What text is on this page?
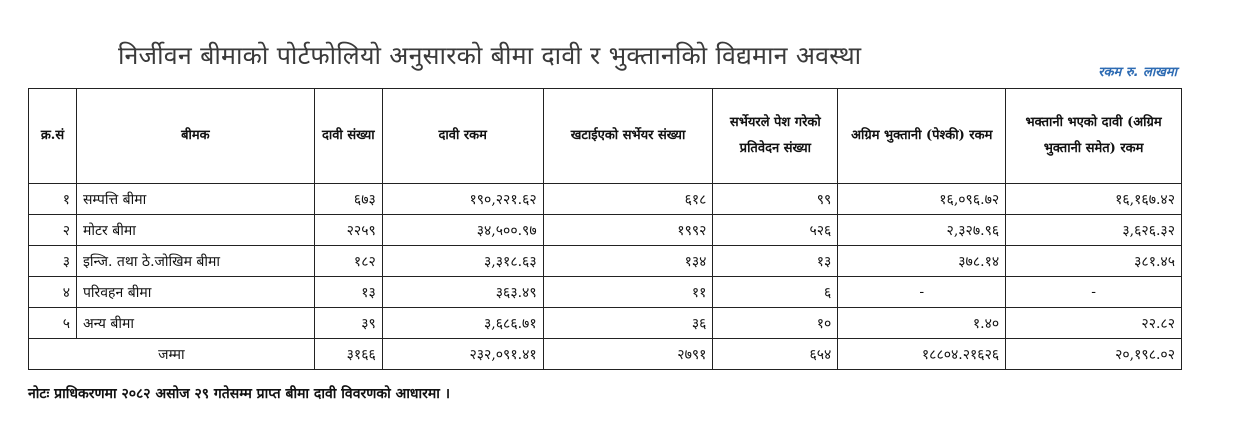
निर्जीवन बीमाको पोर्टफोलियो अनुसारको बीमा दावी र भुक्तानकिो विद्यमान अवस्था
रकम रु. लाखमा
क्र.सं	बीमक	दावी संख्या	दावी रकम	खटाईएको सर्भेयर संख्या	सर्भेयरले पेश गरेको प्रतिवेदन संख्या	अग्रिम भुक्तानी (पेश्की) रकम	भक्तानी भएको दावी (अग्रिम भुक्तानी समेत) रकम
१	सम्पत्ति बीमा	६७३	१९०,२२१.६२	६१८	९९	१६,०९६.७२	१६,१६७.४२
२	मोटर बीमा	२२५९	३४,५००.९७	१९९२	५२६	२,३२७.९६	३,६२६.३२
३	इन्जि. तथा ठे.जोखिम बीमा	१८२	३,३१८.६३	१३४	१३	३७८.१४	३८१.४५
४	परिवहन बीमा	१३	३६३.४९	११	६	-	-
५	अन्य बीमा	३९	३,६८६.७१	३६	१०	१.४०	२२.८२
जम्मा		३१६६	२३२,०९१.४१	२७९१	६५४	१८८०४.२१६२६	२०,१९८.०२
नोटः प्राधिकरणमा २०८२ असोज २९ गतेसम्म प्राप्त बीमा दावी विवरणको आधारमा ।
